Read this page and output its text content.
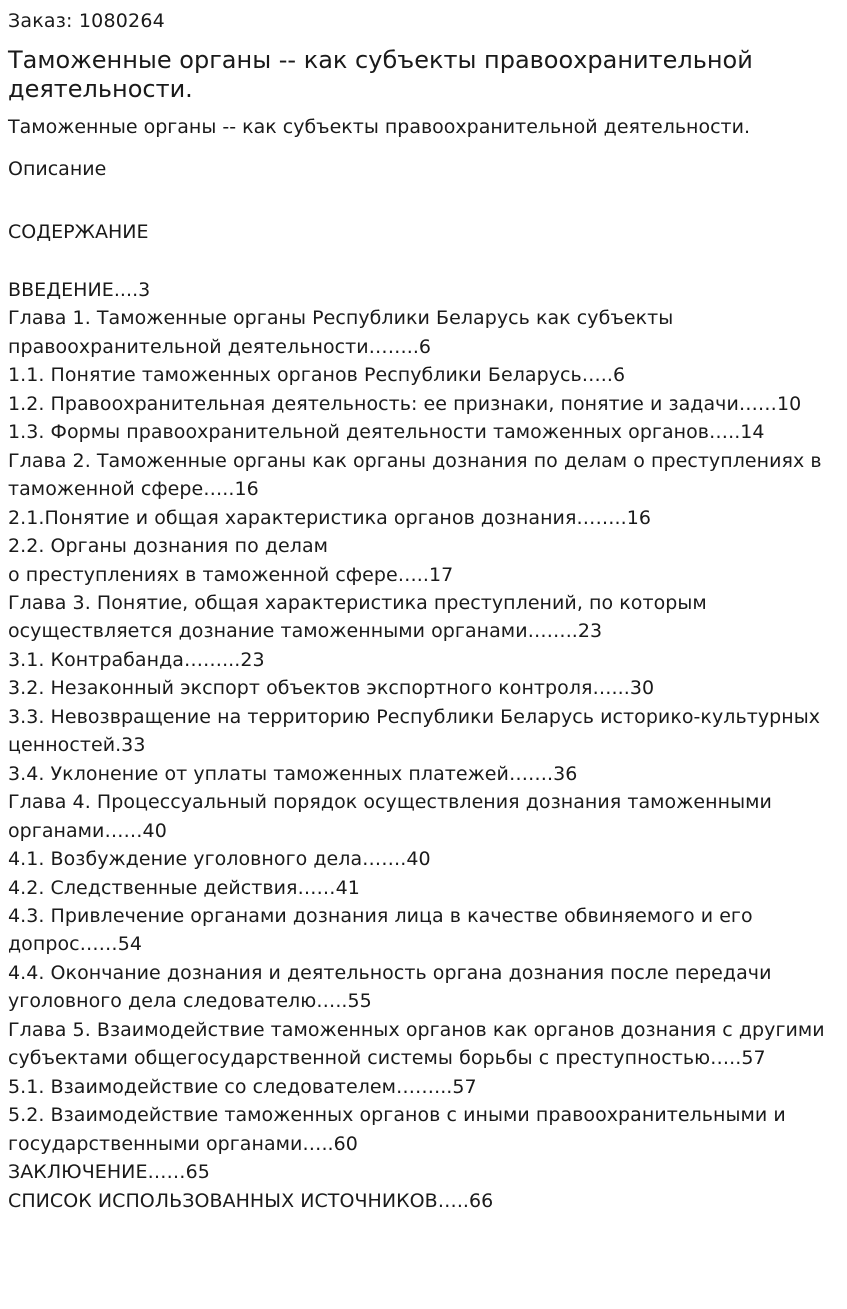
Заказ: 1080264
Таможенные органы -- как субъекты правоохранительной деятельности.
Таможенные органы -- как субъекты правоохранительной деятельности.
Описание
СОДЕРЖАНИЕ
ВВЕДЕНИЕ....3
Глава 1. Таможенные органы Республики Беларусь как субъекты
правоохранительной деятельности……..6
1.1. Понятие таможенных органов Республики Беларусь…..6
1.2. Правоохранительная деятельность: ее признаки, понятие и задачи……10
1.3. Формы правоохранительной деятельности таможенных органов…..14
Глава 2. Таможенные органы как органы дознания по делам о преступлениях в
таможенной сфере…..16
2.1.Понятие и общая характеристика органов дознания……..16
2.2. Органы дознания по делам
о преступлениях в таможенной сфере…..17
Глава 3. Понятие, общая характеристика преступлений, по которым
осуществляется дознание таможенными органами……..23
3.1. Контрабанда……...23
3.2. Незаконный экспорт объектов экспортного контроля…...30
3.3. Невозвращение на территорию Республики Беларусь историко-культурных
ценностей.33
3.4. Уклонение от уплаты таможенных платежей…….36
Глава 4. Процессуальный порядок осуществления дознания таможенными
органами……40
4.1. Возбуждение уголовного дела…….40
4.2. Следственные действия……41
4.3. Привлечение органами дознания лица в качестве обвиняемого и его
допрос……54
4.4. Окончание дознания и деятельность органа дознания после передачи
уголовного дела следователю…..55
Глава 5. Взаимодействие таможенных органов как органов дознания с другими
субъектами общегосударственной системы борьбы с преступностью…..57
5.1. Взаимодействие со следователем……...57
5.2. Взаимодействие таможенных органов с иными правоохранительными и
государственными органами…..60
ЗАКЛЮЧЕНИЕ……65
СПИСОК ИСПОЛЬЗОВАННЫХ ИСТОЧНИКОВ…..66
